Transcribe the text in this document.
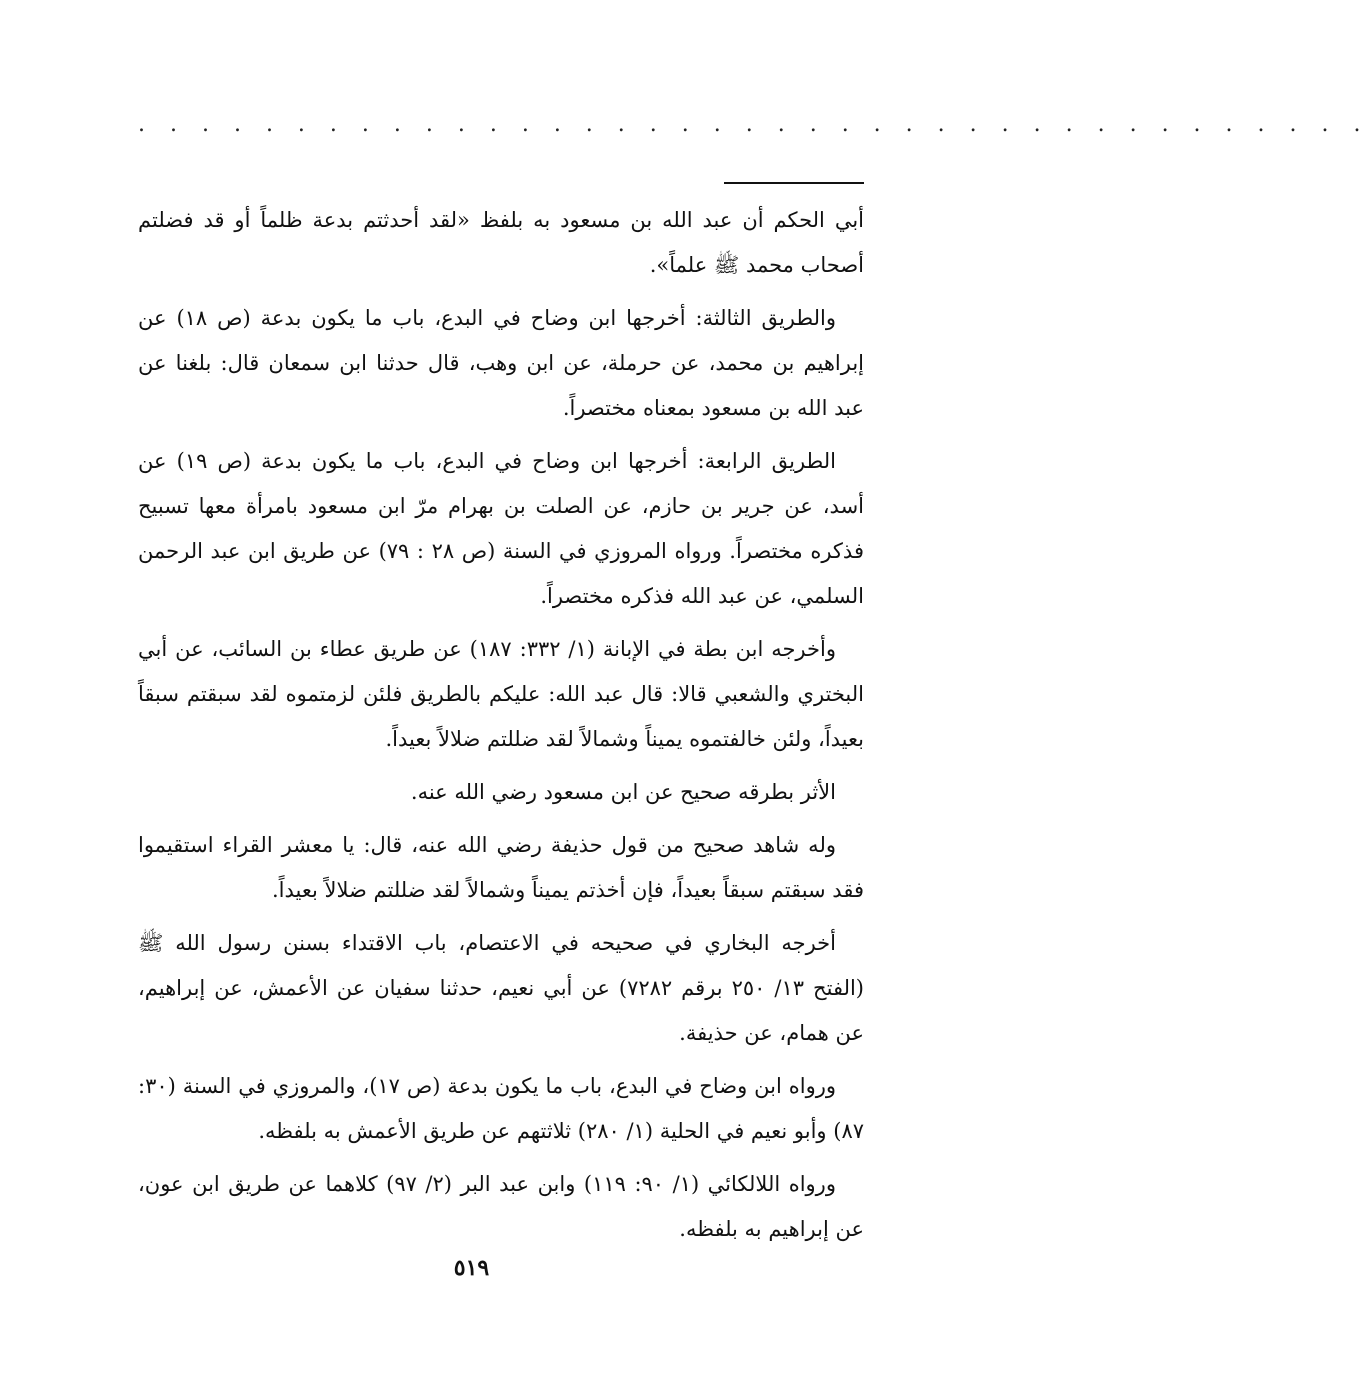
. . . . . . . . . . . . . . . . . . . . . . . . . . . . . . . . . . . . . . .

أبي الحكم أن عبد الله بن مسعود به بلفظ «لقد أحدثتم بدعة ظلماً أو قد فضلتم أصحاب محمد ﷺ علماً».

والطريق الثالثة: أخرجها ابن وضاح في البدع، باب ما يكون بدعة (ص ١٨) عن إبراهيم بن محمد، عن حرملة، عن ابن وهب، قال حدثنا ابن سمعان قال: بلغنا عن عبد الله بن مسعود بمعناه مختصراً.

الطريق الرابعة: أخرجها ابن وضاح في البدع، باب ما يكون بدعة (ص ١٩) عن أسد، عن جرير بن حازم، عن الصلت بن بهرام مرّ ابن مسعود بامرأة معها تسبيح فذكره مختصراً. ورواه المروزي في السنة (ص ٢٨ : ٧٩) عن طريق ابن عبد الرحمن السلمي، عن عبد الله فذكره مختصراً.

وأخرجه ابن بطة في الإبانة (١/ ٣٣٢: ١٨٧) عن طريق عطاء بن السائب، عن أبي البختري والشعبي قالا: قال عبد الله: عليكم بالطريق فلئن لزمتموه لقد سبقتم سبقاً بعيداً، ولئن خالفتموه يميناً وشمالاً لقد ضللتم ضلالاً بعيداً.

الأثر بطرقه صحيح عن ابن مسعود رضي الله عنه.

وله شاهد صحيح من قول حذيفة رضي الله عنه، قال: يا معشر القراء استقيموا فقد سبقتم سبقاً بعيداً، فإن أخذتم يميناً وشمالاً لقد ضللتم ضلالاً بعيداً.

أخرجه البخاري في صحيحه في الاعتصام، باب الاقتداء بسنن رسول الله ﷺ (الفتح ١٣/ ٢٥٠ برقم ٧٢٨٢) عن أبي نعيم، حدثنا سفيان عن الأعمش، عن إبراهيم، عن همام، عن حذيفة.

ورواه ابن وضاح في البدع، باب ما يكون بدعة (ص ١٧)، والمروزي في السنة (٣٠: ٨٧) وأبو نعيم في الحلية (١/ ٢٨٠) ثلاثتهم عن طريق الأعمش به بلفظه.

ورواه اللالكائي (١/ ٩٠: ١١٩) وابن عبد البر (٢/ ٩٧) كلاهما عن طريق ابن عون، عن إبراهيم به بلفظه.

٥١٩
